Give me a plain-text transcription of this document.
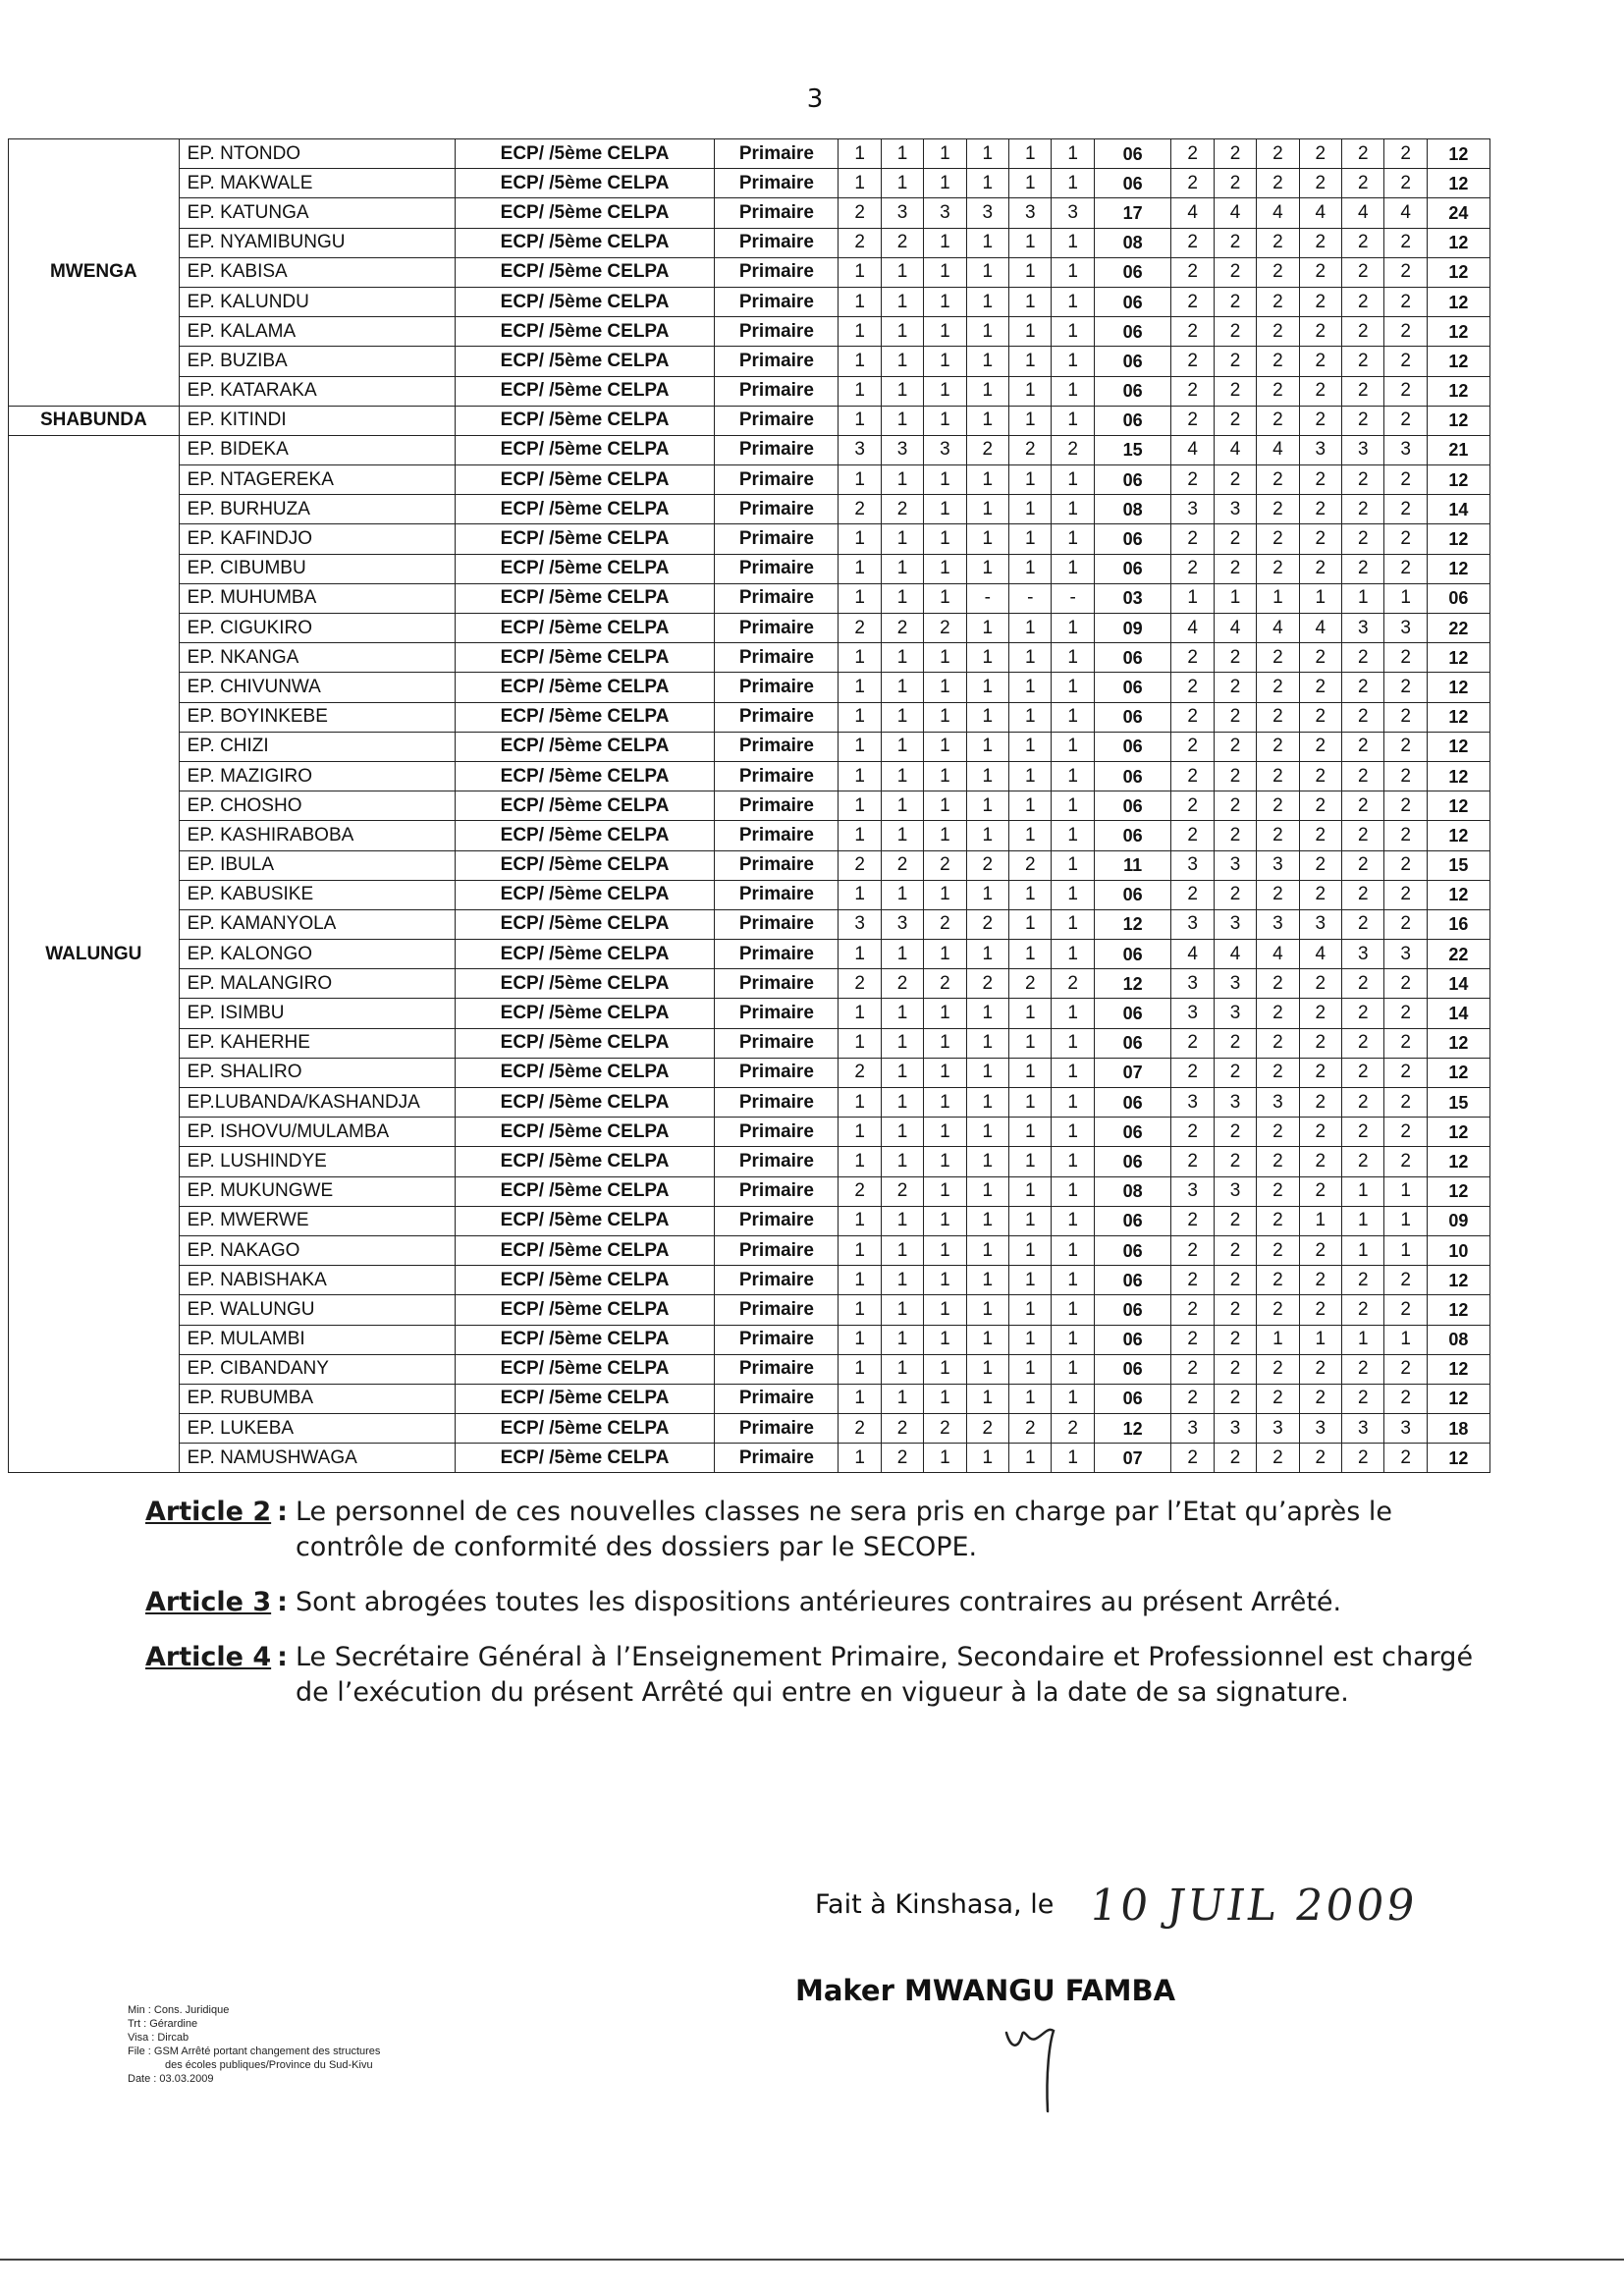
3
MWENGA	EP. NTONDO	ECP/ /5ème CELPA	Primaire	1	1	1	1	1	1	06	2	2	2	2	2	2	12
	EP. MAKWALE	ECP/ /5ème CELPA	Primaire	1	1	1	1	1	1	06	2	2	2	2	2	2	12
	EP. KATUNGA	ECP/ /5ème CELPA	Primaire	2	3	3	3	3	3	17	4	4	4	4	4	4	24
	EP. NYAMIBUNGU	ECP/ /5ème CELPA	Primaire	2	2	1	1	1	1	08	2	2	2	2	2	2	12
	EP. KABISA	ECP/ /5ème CELPA	Primaire	1	1	1	1	1	1	06	2	2	2	2	2	2	12
	EP. KALUNDU	ECP/ /5ème CELPA	Primaire	1	1	1	1	1	1	06	2	2	2	2	2	2	12
	EP. KALAMA	ECP/ /5ème CELPA	Primaire	1	1	1	1	1	1	06	2	2	2	2	2	2	12
	EP. BUZIBA	ECP/ /5ème CELPA	Primaire	1	1	1	1	1	1	06	2	2	2	2	2	2	12
	EP. KATARAKA	ECP/ /5ème CELPA	Primaire	1	1	1	1	1	1	06	2	2	2	2	2	2	12
SHABUNDA	EP. KITINDI	ECP/ /5ème CELPA	Primaire	1	1	1	1	1	1	06	2	2	2	2	2	2	12
WALUNGU	EP. BIDEKA	ECP/ /5ème CELPA	Primaire	3	3	3	2	2	2	15	4	4	4	3	3	3	21
	EP. NTAGEREKA	ECP/ /5ème CELPA	Primaire	1	1	1	1	1	1	06	2	2	2	2	2	2	12
	EP. BURHUZA	ECP/ /5ème CELPA	Primaire	2	2	1	1	1	1	08	3	3	2	2	2	2	14
	EP. KAFINDJO	ECP/ /5ème CELPA	Primaire	1	1	1	1	1	1	06	2	2	2	2	2	2	12
	EP. CIBUMBU	ECP/ /5ème CELPA	Primaire	1	1	1	1	1	1	06	2	2	2	2	2	2	12
	EP. MUHUMBA	ECP/ /5ème CELPA	Primaire	1	1	1	-	-	-	03	1	1	1	1	1	1	06
	EP. CIGUKIRO	ECP/ /5ème CELPA	Primaire	2	2	2	1	1	1	09	4	4	4	4	3	3	22
	EP. NKANGA	ECP/ /5ème CELPA	Primaire	1	1	1	1	1	1	06	2	2	2	2	2	2	12
	EP. CHIVUNWA	ECP/ /5ème CELPA	Primaire	1	1	1	1	1	1	06	2	2	2	2	2	2	12
	EP. BOYINKEBE	ECP/ /5ème CELPA	Primaire	1	1	1	1	1	1	06	2	2	2	2	2	2	12
	EP. CHIZI	ECP/ /5ème CELPA	Primaire	1	1	1	1	1	1	06	2	2	2	2	2	2	12
	EP. MAZIGIRO	ECP/ /5ème CELPA	Primaire	1	1	1	1	1	1	06	2	2	2	2	2	2	12
	EP. CHOSHO	ECP/ /5ème CELPA	Primaire	1	1	1	1	1	1	06	2	2	2	2	2	2	12
	EP. KASHIRABOBA	ECP/ /5ème CELPA	Primaire	1	1	1	1	1	1	06	2	2	2	2	2	2	12
	EP. IBULA	ECP/ /5ème CELPA	Primaire	2	2	2	2	2	1	11	3	3	3	2	2	2	15
	EP. KABUSIKE	ECP/ /5ème CELPA	Primaire	1	1	1	1	1	1	06	2	2	2	2	2	2	12
	EP. KAMANYOLA	ECP/ /5ème CELPA	Primaire	3	3	2	2	1	1	12	3	3	3	3	2	2	16
	EP. KALONGO	ECP/ /5ème CELPA	Primaire	1	1	1	1	1	1	06	4	4	4	4	3	3	22
	EP. MALANGIRO	ECP/ /5ème CELPA	Primaire	2	2	2	2	2	2	12	3	3	2	2	2	2	14
	EP. ISIMBU	ECP/ /5ème CELPA	Primaire	1	1	1	1	1	1	06	3	3	2	2	2	2	14
	EP. KAHERHE	ECP/ /5ème CELPA	Primaire	1	1	1	1	1	1	06	2	2	2	2	2	2	12
	EP. SHALIRO	ECP/ /5ème CELPA	Primaire	2	1	1	1	1	1	07	2	2	2	2	2	2	12
	EP.LUBANDA/KASHANDJA	ECP/ /5ème CELPA	Primaire	1	1	1	1	1	1	06	3	3	3	2	2	2	15
	EP. ISHOVU/MULAMBA	ECP/ /5ème CELPA	Primaire	1	1	1	1	1	1	06	2	2	2	2	2	2	12
	EP. LUSHINDYE	ECP/ /5ème CELPA	Primaire	1	1	1	1	1	1	06	2	2	2	2	2	2	12
	EP. MUKUNGWE	ECP/ /5ème CELPA	Primaire	2	2	1	1	1	1	08	3	3	2	2	1	1	12
	EP. MWERWE	ECP/ /5ème CELPA	Primaire	1	1	1	1	1	1	06	2	2	2	1	1	1	09
	EP. NAKAGO	ECP/ /5ème CELPA	Primaire	1	1	1	1	1	1	06	2	2	2	2	1	1	10
	EP. NABISHAKA	ECP/ /5ème CELPA	Primaire	1	1	1	1	1	1	06	2	2	2	2	2	2	12
	EP. WALUNGU	ECP/ /5ème CELPA	Primaire	1	1	1	1	1	1	06	2	2	2	2	2	2	12
	EP. MULAMBI	ECP/ /5ème CELPA	Primaire	1	1	1	1	1	1	06	2	2	1	1	1	1	08
	EP. CIBANDANY	ECP/ /5ème CELPA	Primaire	1	1	1	1	1	1	06	2	2	2	2	2	2	12
	EP. RUBUMBA	ECP/ /5ème CELPA	Primaire	1	1	1	1	1	1	06	2	2	2	2	2	2	12
	EP. LUKEBA	ECP/ /5ème CELPA	Primaire	2	2	2	2	2	2	12	3	3	3	3	3	3	18
	EP. NAMUSHWAGA	ECP/ /5ème CELPA	Primaire	1	2	1	1	1	1	07	2	2	2	2	2	2	12
Article 2 : Le personnel de ces nouvelles classes ne sera pris en charge par l’Etat qu’après le contrôle de conformité des dossiers par le SECOPE.
Article 3 : Sont abrogées toutes les dispositions antérieures contraires au présent Arrêté.
Article 4 : Le Secrétaire Général à l’Enseignement Primaire, Secondaire et Professionnel est chargé de l’exécution du présent Arrêté qui entre en vigueur à la date de sa signature.
Fait à Kinshasa, le 10 JUIL 2009
Maker MWANGU FAMBA
Min : Cons. Juridique
Trt : Gérardine
Visa : Dircab
File : GSM Arrêté portant changement des structures
des écoles publiques/Province du Sud-Kivu
Date : 03.03.2009
